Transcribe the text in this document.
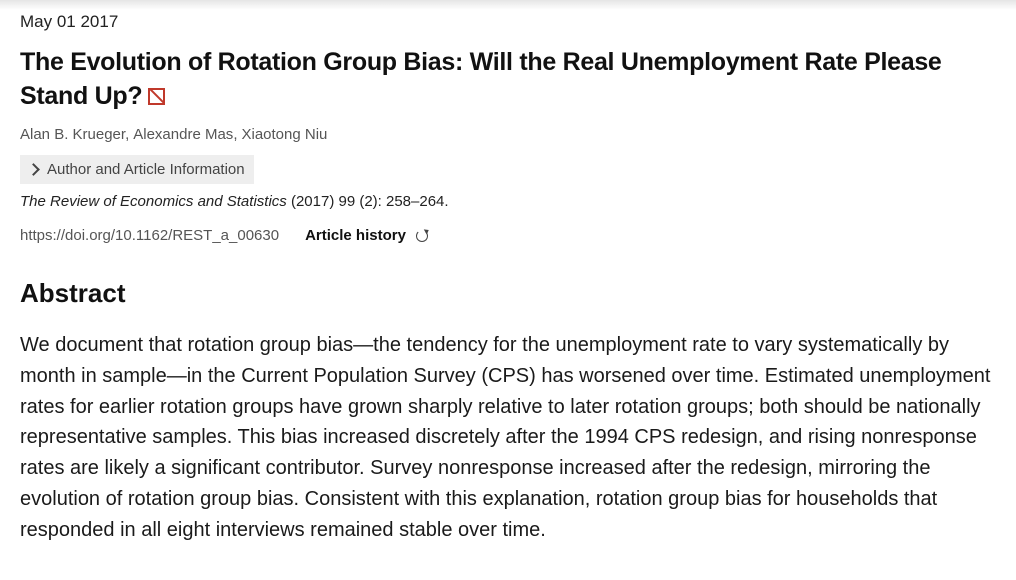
May 01 2017
The Evolution of Rotation Group Bias: Will the Real Unemployment Rate Please Stand Up?
Alan B. Krueger, Alexandre Mas, Xiaotong Niu
Author and Article Information
The Review of Economics and Statistics (2017) 99 (2): 258–264.
https://doi.org/10.1162/REST_a_00630 Article history
Abstract

We document that rotation group bias—the tendency for the unemployment rate to vary systematically by month in sample—in the Current Population Survey (CPS) has worsened over time. Estimated unemployment rates for earlier rotation groups have grown sharply relative to later rotation groups; both should be nationally representative samples. This bias increased discretely after the 1994 CPS redesign, and rising nonresponse rates are likely a significant contributor. Survey nonresponse increased after the redesign, mirroring the evolution of rotation group bias. Consistent with this explanation, rotation group bias for households that responded in all eight interviews remained stable over time.
